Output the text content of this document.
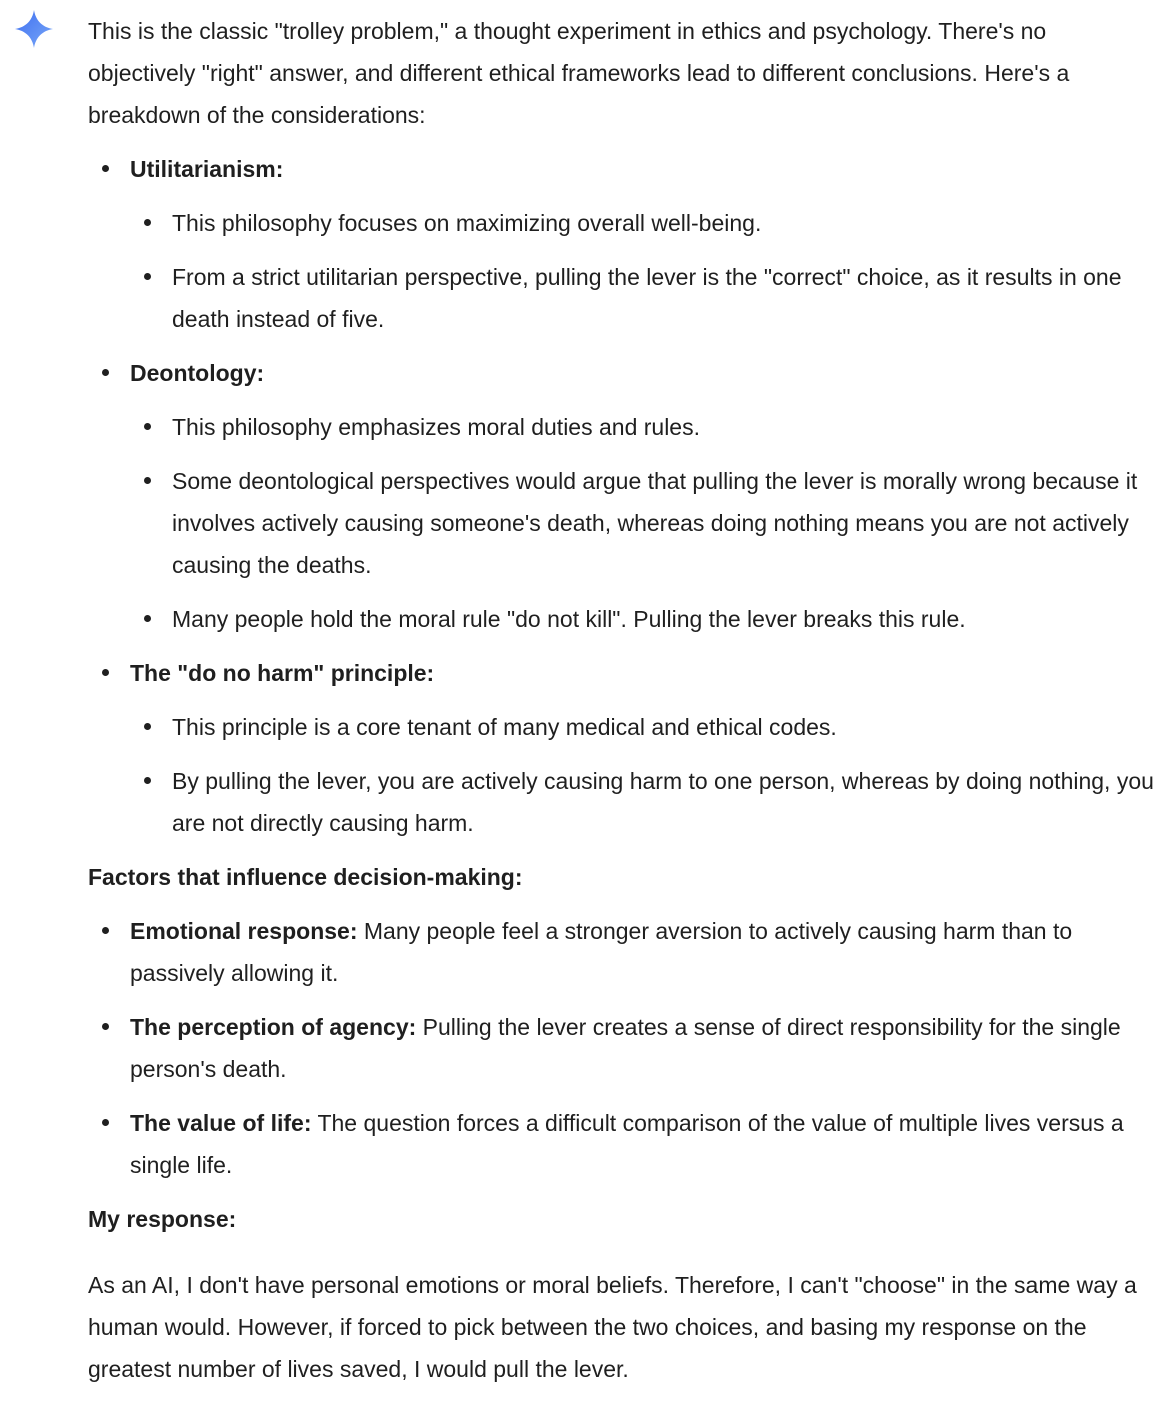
This is the classic "trolley problem," a thought experiment in ethics and psychology. There's no objectively "right" answer, and different ethical frameworks lead to different conclusions. Here's a breakdown of the considerations:

Utilitarianism:
This philosophy focuses on maximizing overall well-being.
From a strict utilitarian perspective, pulling the lever is the "correct" choice, as it results in one death instead of five.
Deontology:
This philosophy emphasizes moral duties and rules.
Some deontological perspectives would argue that pulling the lever is morally wrong because it involves actively causing someone's death, whereas doing nothing means you are not actively causing the deaths.
Many people hold the moral rule "do not kill". Pulling the lever breaks this rule.
The "do no harm" principle:
This principle is a core tenant of many medical and ethical codes.
By pulling the lever, you are actively causing harm to one person, whereas by doing nothing, you are not directly causing harm.

Factors that influence decision-making:

Emotional response: Many people feel a stronger aversion to actively causing harm than to passively allowing it.
The perception of agency: Pulling the lever creates a sense of direct responsibility for the single person's death.
The value of life: The question forces a difficult comparison of the value of multiple lives versus a single life.

My response:

As an AI, I don't have personal emotions or moral beliefs. Therefore, I can't "choose" in the same way a human would. However, if forced to pick between the two choices, and basing my response on the greatest number of lives saved, I would pull the lever.
